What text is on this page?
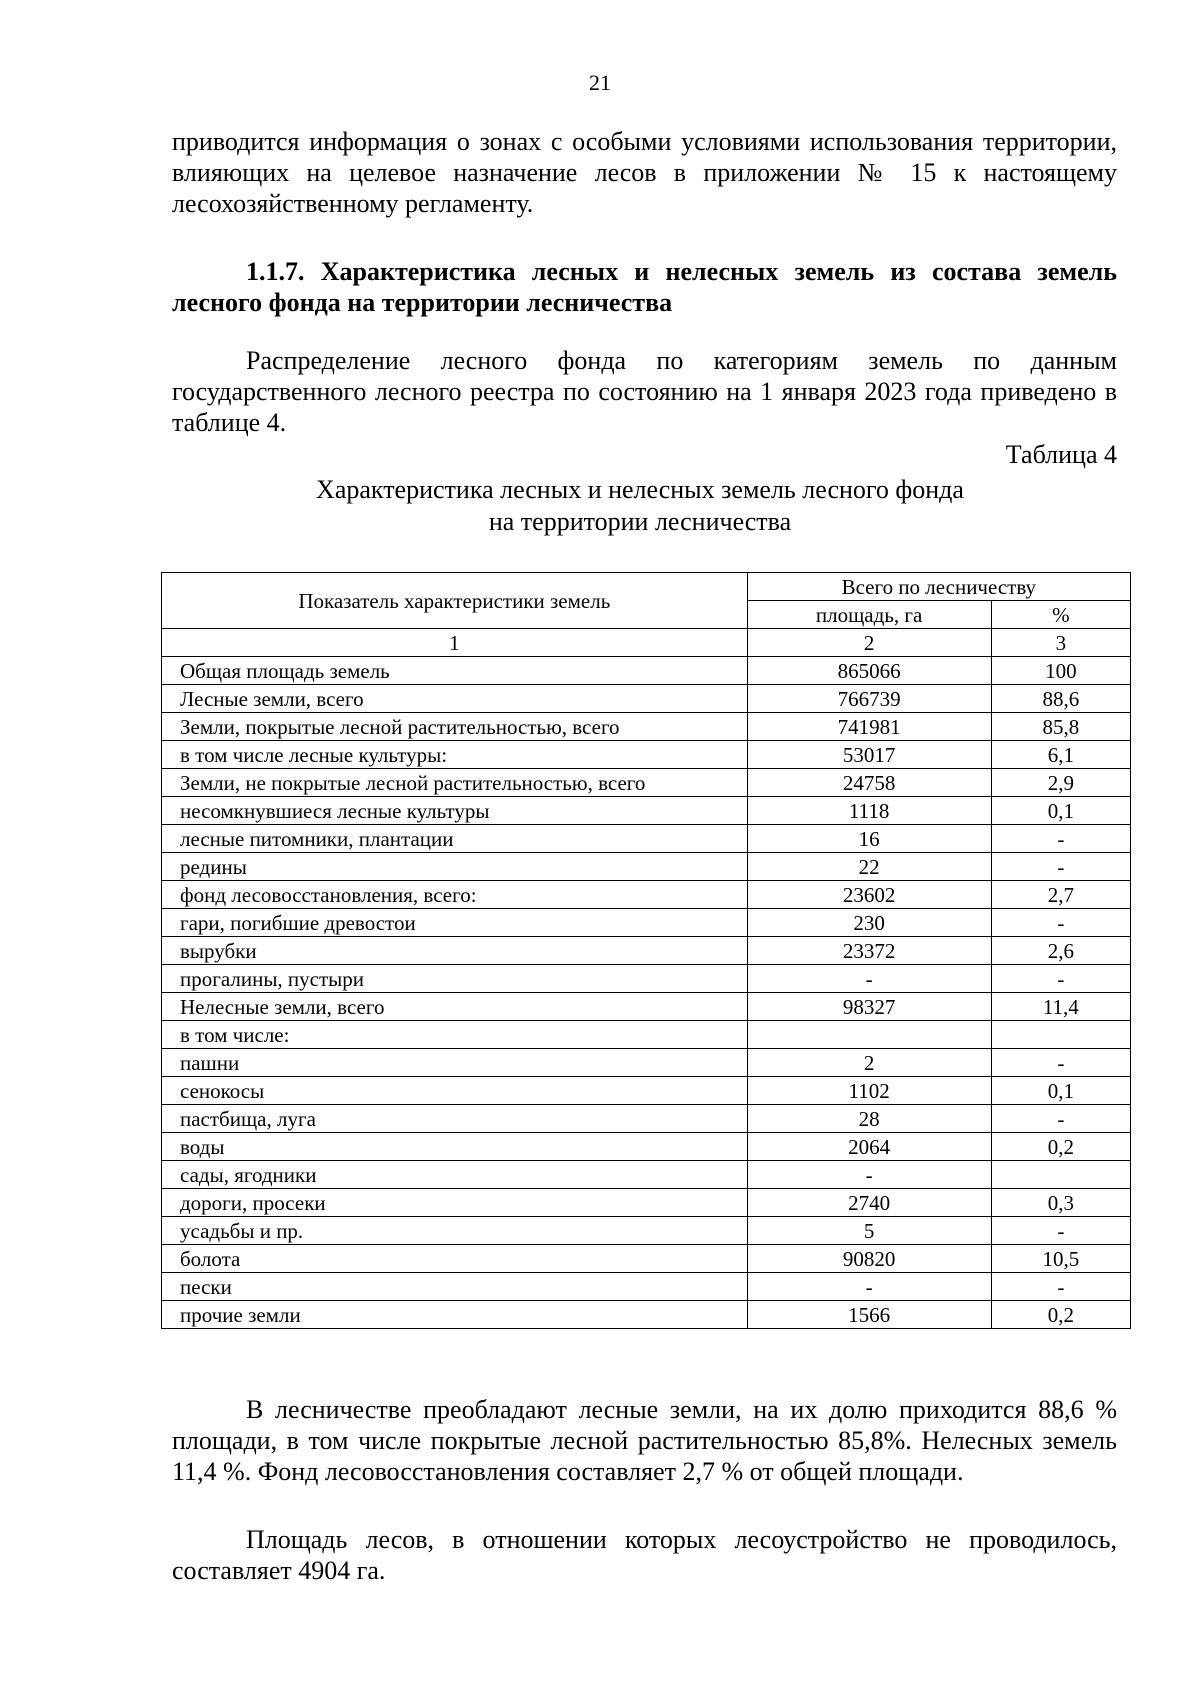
21

приводится информация о зонах с особыми условиями использования территории, влияющих на целевое назначение лесов в приложении № 15 к настоящему лесохозяйственному регламенту.

1.1.7. Характеристика лесных и нелесных земель из состава земель лесного фонда на территории лесничества

Распределение лесного фонда по категориям земель по данным государственного лесного реестра по состоянию на 1 января 2023 года приведено в таблице 4.

Таблица 4
Характеристика лесных и нелесных земель лесного фонда
на территории лесничества
Показатель характеристики земель	Всего по лесничеству	
	площадь, га	%
1	2	3
Общая площадь земель	865066	100
Лесные земли, всего	766739	88,6
Земли, покрытые лесной растительностью, всего	741981	85,8
в том числе лесные культуры:	53017	6,1
Земли, не покрытые лесной растительностью, всего	24758	2,9
несомкнувшиеся лесные культуры	1118	0,1
лесные питомники, плантации	16	-
редины	22	-
фонд лесовосстановления, всего:	23602	2,7
гари, погибшие древостои	230	-
вырубки	23372	2,6
прогалины, пустыри	-	-
Нелесные земли, всего	98327	11,4
в том числе:		
пашни	2	-
сенокосы	1102	0,1
пастбища, луга	28	-
воды	2064	0,2
сады, ягодники	-	
дороги, просеки	2740	0,3
усадьбы и пр.	5	-
болота	90820	10,5
пески	-	-
прочие земли	1566	0,2

В лесничестве преобладают лесные земли, на их долю приходится 88,6 % площади, в том числе покрытые лесной растительностью 85,8%. Нелесных земель 11,4 %. Фонд лесовосстановления составляет 2,7 % от общей площади.

Площадь лесов, в отношении которых лесоустройство не проводилось, составляет 4904 га.
